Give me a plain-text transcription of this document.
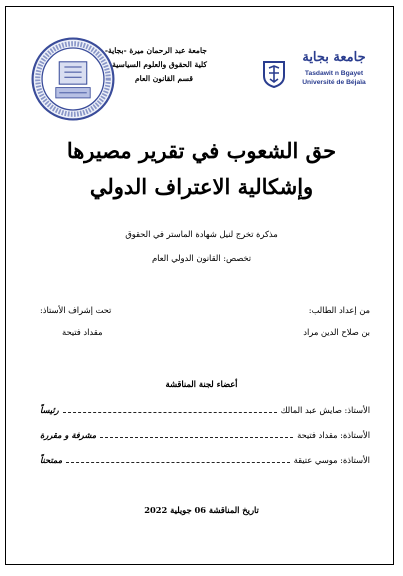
جامعة عبد الرحمان ميرة -بجاية-
كلية الحقوق والعلوم السياسية
قسم القانون العام
جامعة بجاية
Tasdawit n Bgayet
Université de Béjaïa
حق الشعوب في تقرير مصيرها
وإشكالية الاعتراف الدولي
مذكرة تخرج لنيل شهادة الماستر في الحقوق
تخصص: القانون الدولي العام
من إعداد الطالب:
بن صلاح الدين مراد
تحت إشراف الأستاذ:
مقداد فتيحة
أعضاء لجنة المناقشة
الأستاذ: صايش عبد المالك
رئيساً
الأستاذة: مقداد فتيحة
مشرفة و مقررة
الأستاذة: موسي عتيقة
ممتحناً
تاريخ المناقشة 06 جويلية 2022
